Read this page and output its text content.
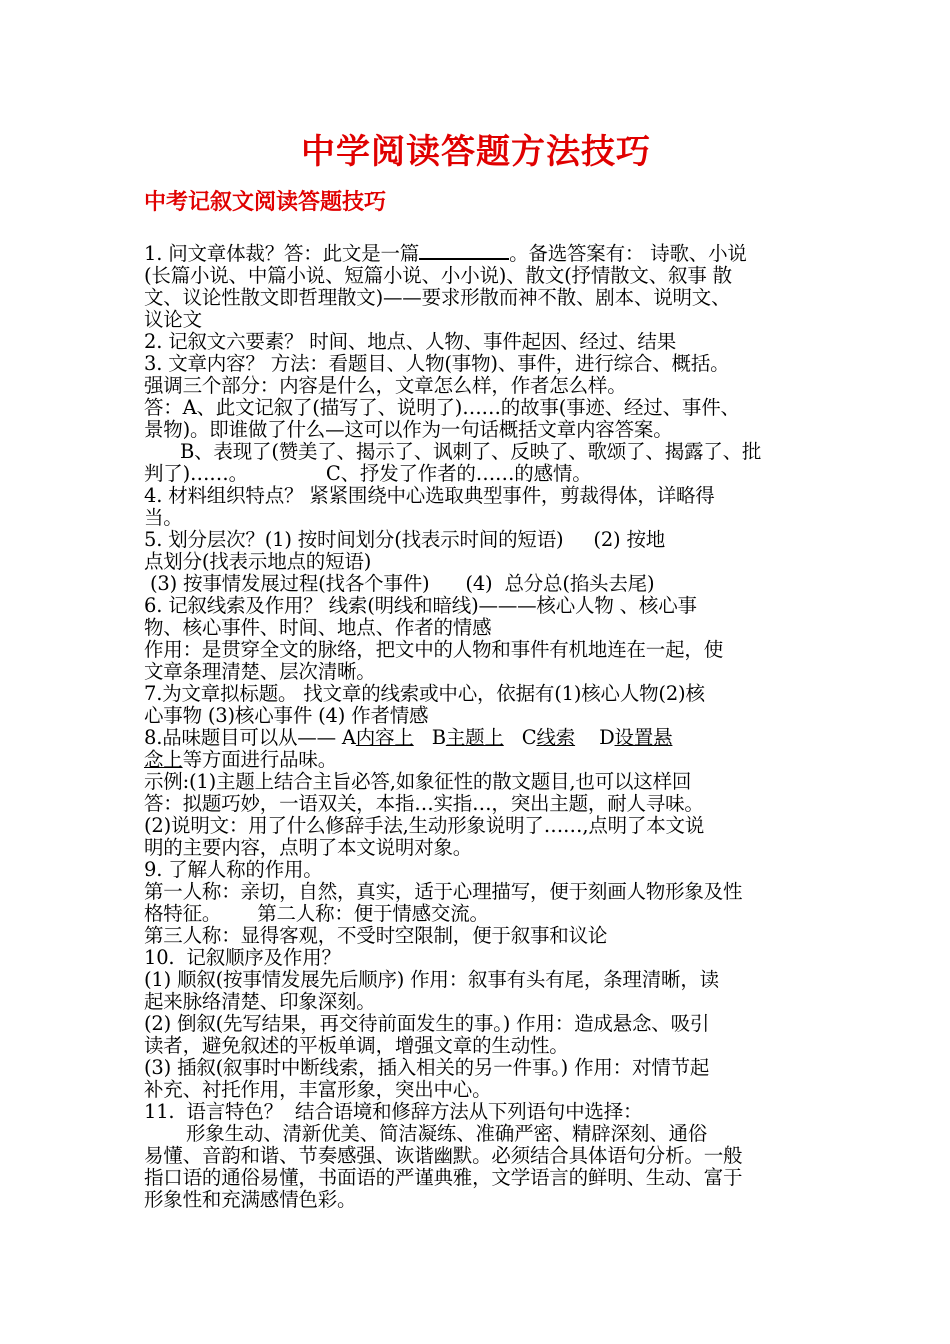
中学阅读答题方法技巧
中考记叙文阅读答题技巧

1. 问文章体裁？答：此文是一篇	。备选答案有： 诗歌、小说

(长篇小说、中篇小说、短篇小说、小小说)、散文(抒情散文、叙事 散

文、议论性散文即哲理散文)——要求形散而神不散、剧本、说明文、

议论文

2. 记叙文六要素？ 时间、地点、人物、事件起因、经过、结果

3. 文章内容？ 方法：看题目、人物(事物)、事件，进行综合、概括。

强调三个部分：内容是什么，文章怎么样，作者怎么样。

答：A、此文记叙了(描写了、说明了)……的故事(事迹、经过、事件、

景物)。即谁做了什么—这可以作为一句话概括文章内容答案。

B、表现了(赞美了、揭示了、讽刺了、反映了、歌颂了、揭露了、批

判了)……。             C、抒发了作者的……的感情。

4. 材料组织特点？ 紧紧围绕中心选取典型事件，剪裁得体，详略得

当。

5. 划分层次？(1) 按时间划分(找表示时间的短语)     (2) 按地

点划分(找表示地点的短语)

(3) 按事情发展过程(找各个事件)      (4)  总分总(掐头去尾)

6. 记叙线索及作用？ 线索(明线和暗线)———核心人物 、核心事

物、核心事件、时间、地点、作者的情感

作用：是贯穿全文的脉络，把文中的人物和事件有机地连在一起，使

文章条理清楚、层次清晰。

7.为文章拟标题。 找文章的线索或中心，依据有(1)核心人物(2)核

心事物 (3)核心事件 (4) 作者情感

8.品味题目可以从—— A内容上   B主题上   C线索    D设置悬

念上等方面进行品味。

示例:(1)主题上结合主旨必答,如象征性的散文题目,也可以这样回

答：拟题巧妙，一语双关，本指…实指…，突出主题，耐人寻味。

(2)说明文：用了什么修辞手法,生动形象说明了……,点明了本文说

明的主要内容，点明了本文说明对象。

9. 了解人称的作用。

第一人称：亲切，自然，真实，适于心理描写，便于刻画人物形象及性

格特征。      第二人称：便于情感交流。

第三人称：显得客观，不受时空限制，便于叙事和议论

10.  记叙顺序及作用？

(1) 顺叙(按事情发展先后顺序) 作用：叙事有头有尾，条理清晰，读

起来脉络清楚、印象深刻。

(2) 倒叙(先写结果，再交待前面发生的事。) 作用：造成悬念、吸引

读者，避免叙述的平板单调，增强文章的生动性。

(3) 插叙(叙事时中断线索，插入相关的另一件事。) 作用：对情节起

补充、衬托作用，丰富形象，突出中心。

11.  语言特色？  结合语境和修辞方法从下列语句中选择：

形象生动、清新优美、简洁凝练、准确严密、精辟深刻、通俗

易懂、音韵和谐、节奏感强、诙谐幽默。必须结合具体语句分析。一般

指口语的通俗易懂，书面语的严谨典雅，文学语言的鲜明、生动、富于

形象性和充满感情色彩。
